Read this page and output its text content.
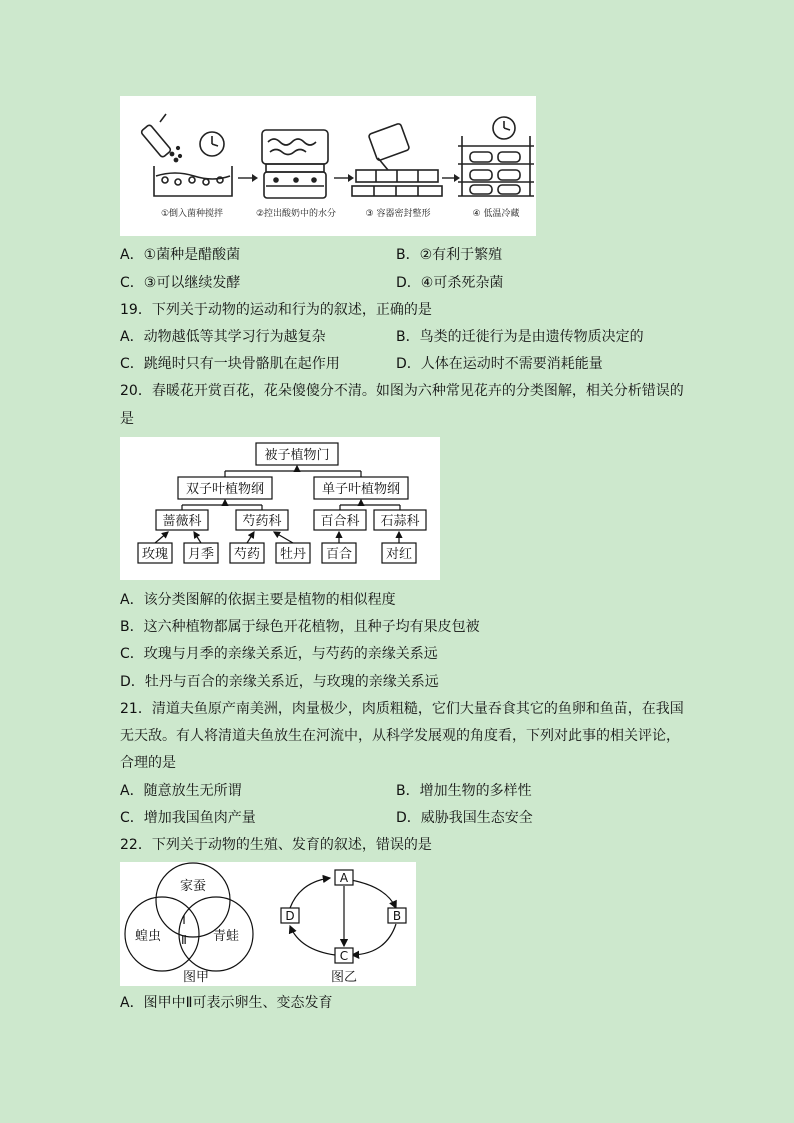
①倒入菌种搅拌	②控出酸奶中的水分	③ 容器密封整形	④ 低温冷藏
A．①菌种是醋酸菌	B．②有利于繁殖
C．③可以继续发酵	D．④可杀死杂菌
19．下列关于动物的运动和行为的叙述，正确的是
A．动物越低等其学习行为越复杂	B．鸟类的迁徙行为是由遗传物质决定的
C．跳绳时只有一块骨骼肌在起作用	D．人体在运动时不需要消耗能量
20．春暖花开赏百花，花朵傻傻分不清。如图为六种常见花卉的分类图解，相关分析错误的
是
被子植物门
双子叶植物纲	单子叶植物纲
蔷薇科	芍药科	百合科 石蒜科
玫瑰 月季 芍药 牡丹 百合	对红
A．该分类图解的依据主要是植物的相似程度
B．这六种植物都属于绿色开花植物，且种子均有果皮包被
C．玫瑰与月季的亲缘关系近，与芍药的亲缘关系远
D．牡丹与百合的亲缘关系近，与玫瑰的亲缘关系远
21．清道夫鱼原产南美洲，肉量极少，肉质粗糙，它们大量吞食其它的鱼卵和鱼苗，在我国
无天敌。有人将清道夫鱼放生在河流中，从科学发展观的角度看，下列对此事的相关评论，
合理的是
A．随意放生无所谓	B．增加生物的多样性
C．增加我国鱼肉产量	D．威胁我国生态安全
22．下列关于动物的生殖、发育的叙述，错误的是
家蚕
蝗虫	青蛙
Ⅰ
Ⅱ
图甲
A
B
C
D
图乙
A．图甲中Ⅱ可表示卵生、变态发育
